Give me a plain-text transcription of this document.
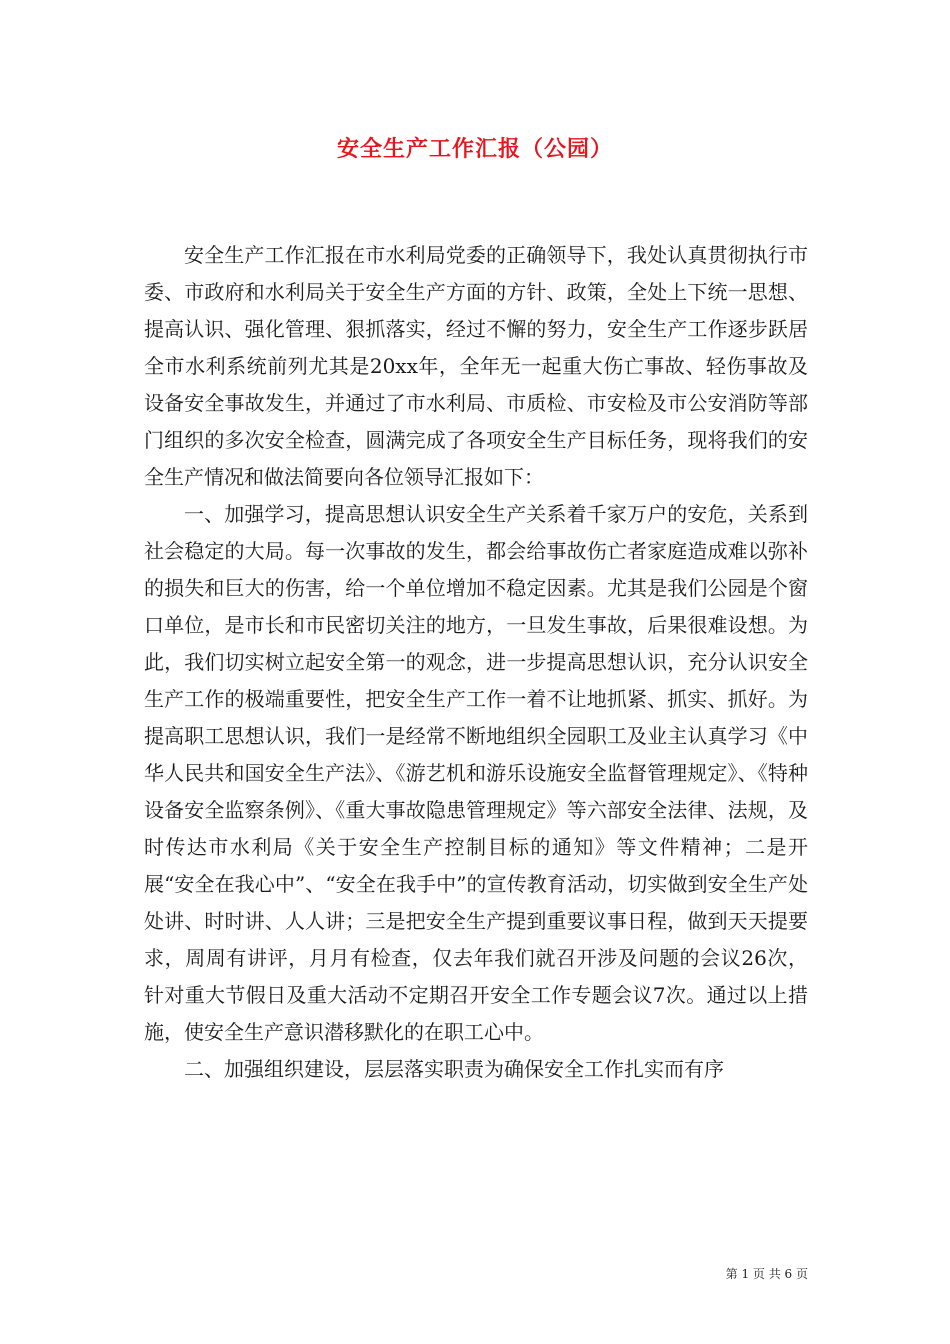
安全生产工作汇报（公园）

安全生产工作汇报在市水利局党委的正确领导下，我处认真贯彻执行市委、市政府和水利局关于安全生产方面的方针、政策，全处上下统一思想、提高认识、强化管理、狠抓落实，经过不懈的努力，安全生产工作逐步跃居全市水利系统前列尤其是20xx年，全年无一起重大伤亡事故、轻伤事故及设备安全事故发生，并通过了市水利局、市质检、市安检及市公安消防等部门组织的多次安全检查，圆满完成了各项安全生产目标任务，现将我们的安全生产情况和做法简要向各位领导汇报如下：

一、加强学习，提高思想认识安全生产关系着千家万户的安危，关系到社会稳定的大局。每一次事故的发生，都会给事故伤亡者家庭造成难以弥补的损失和巨大的伤害，给一个单位增加不稳定因素。尤其是我们公园是个窗口单位，是市长和市民密切关注的地方，一旦发生事故，后果很难设想。为此，我们切实树立起安全第一的观念，进一步提高思想认识，充分认识安全生产工作的极端重要性，把安全生产工作一着不让地抓紧、抓实、抓好。为提高职工思想认识，我们一是经常不断地组织全园职工及业主认真学习《中华人民共和国安全生产法》、《游艺机和游乐设施安全监督管理规定》、《特种设备安全监察条例》、《重大事故隐患管理规定》等六部安全法律、法规，及时传达市水利局《关于安全生产控制目标的通知》等文件精神；二是开展“安全在我心中”、“安全在我手中”的宣传教育活动，切实做到安全生产处处讲、时时讲、人人讲；三是把安全生产提到重要议事日程，做到天天提要求，周周有讲评，月月有检查，仅去年我们就召开涉及问题的会议26次，针对重大节假日及重大活动不定期召开安全工作专题会议7次。通过以上措施，使安全生产意识潜移默化的在职工心中。

二、加强组织建设，层层落实职责为确保安全工作扎实而有序

第 1 页 共 6 页
